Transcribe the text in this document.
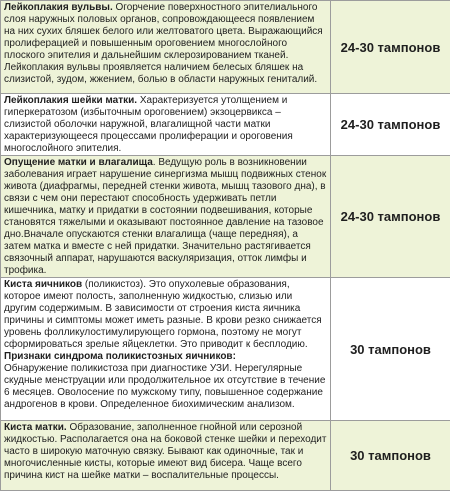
Лейкоплакия вульвы. Огорчение поверхностного эпителиального слоя наружных половых органов, сопровождающееся появлением на них сухих бляшек белого или желтоватого цвета. Выражающийся пролиферацией и повышенным ороговением многослойного плоского эпителия и дальнейшим склерозированием тканей. Лейкоплакия вульвы проявляется наличием белесых бляшек на слизистой, зудом, жжением, болью в области наружных гениталий.	24-30 тампонов
Лейкоплакия шейки матки. Характеризуется утолщением и гиперкератозом (избыточным ороговением) экзоцервикса – слизистой оболочки наружной, влагалищной части матки характеризующееся процессами пролиферации и ороговения многослойного эпителия.	24-30 тампонов
Опущение матки и влагалища. Ведущую роль в возникновении заболевания играет нарушение синергизма мышц подвижных стенок живота (диафрагмы, передней стенки живота, мышц тазового дна), в связи с чем они перестают способность удерживать петли кишечника, матку и придатки в состоянии подвешивания, которые становятся тяжелыми и оказывают постоянное давление на тазовое дно.Вначале опускаются стенки влагалища (чаще передняя), а затем матка и вместе с ней придатки. Значительно растягивается связочный аппарат, нарушаются васкуляризация, отток лимфы и трофика.	24-30 тампонов
Киста яичников (поликистоз). Это опухолевые образования, которое имеют полость, заполненную жидкостью, слизью или другим содержимым. В зависимости от строения киста яичника причины и симптомы может иметь разные. В крови резко снижается уровень фолликулостимулирующего гормона, поэтому не могут сформироваться зрелые яйцеклетки. Это приводит к бесплодию.
Признаки синдрома поликистозных яичников:
Обнаружение поликистоза при диагностике УЗИ. Нерегулярные скудные менструации или продолжительное их отсутствие в течение 6 месяцев. Оволосение по мужскому типу, повышенное содержание андрогенов в крови. Определенное биохимическим анализом.	30 тампонов
Киста матки. Образование, заполненное гнойной или серозной жидкостью. Располагается она на боковой стенке шейки и переходит часто в широкую маточную связку. Бывают как одиночные, так и многочисленные кисты, которые имеют вид бисера. Чаще всего причина кист на шейке матки – воспалительные процессы.	30 тампонов
